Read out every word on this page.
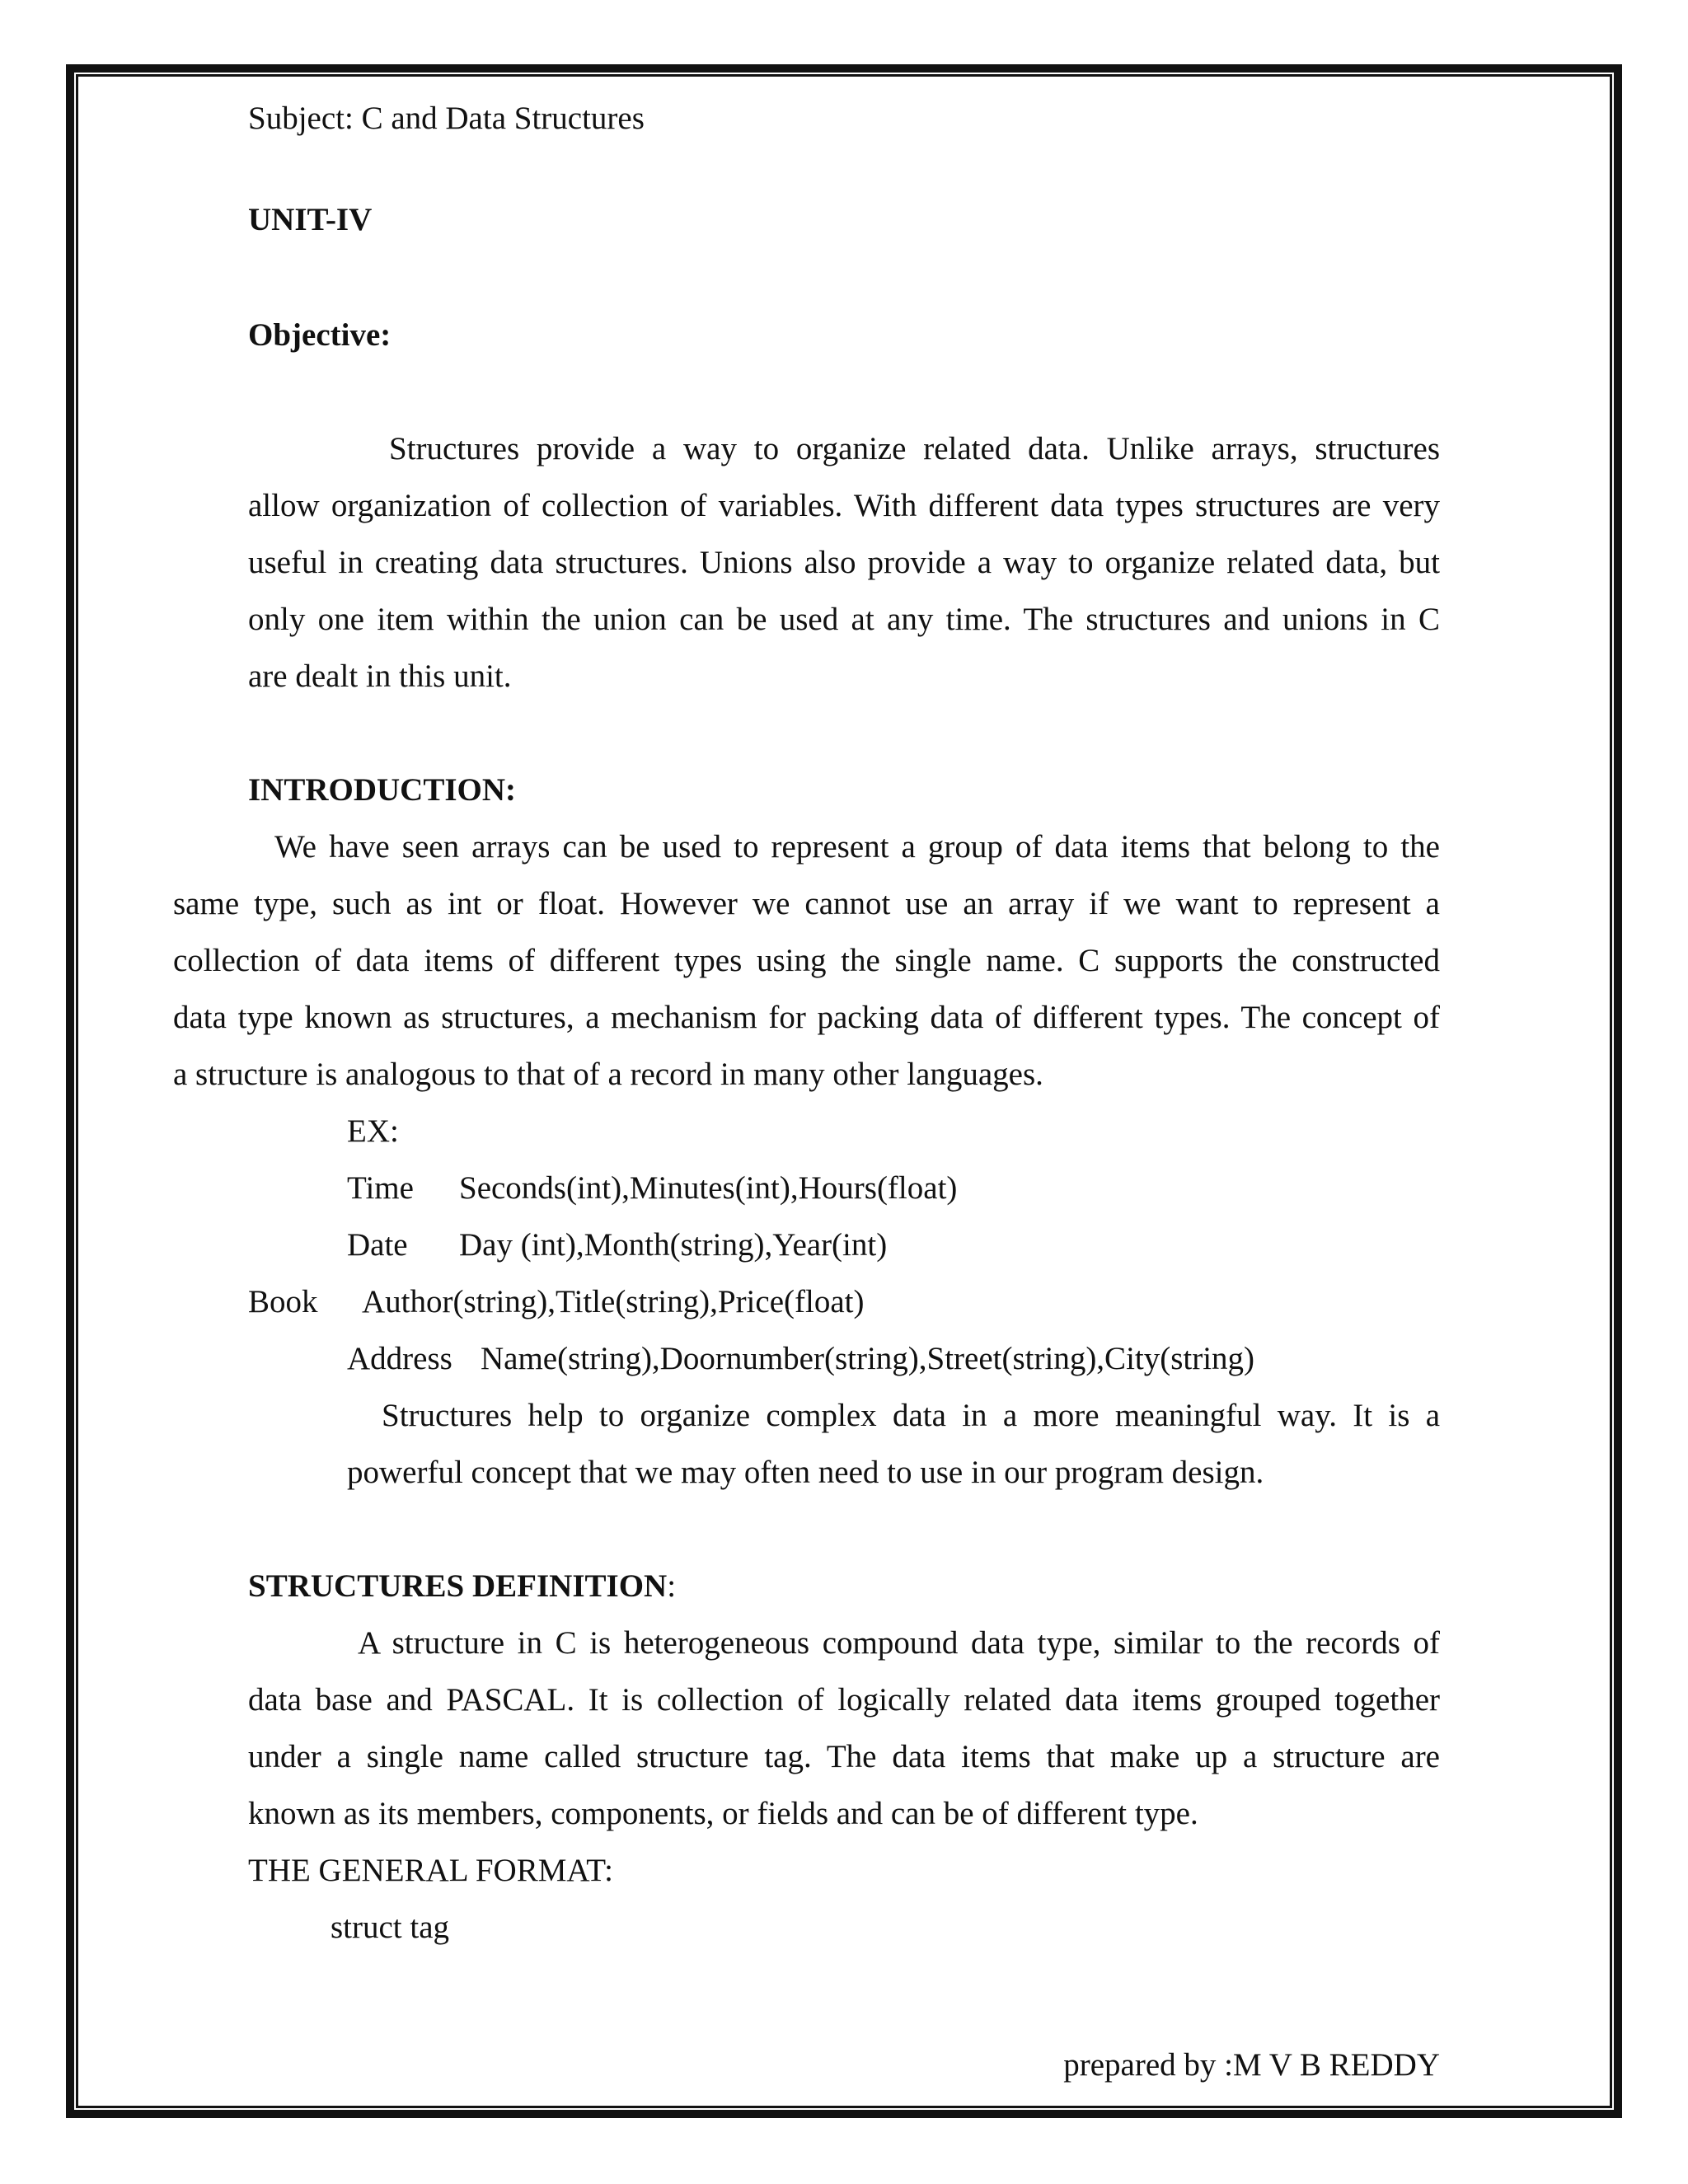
Subject: C and Data Structures
UNIT-IV
Objective:
Structures provide a way to organize related data. Unlike arrays, structures
allow organization of collection of variables. With different data types structures are very
useful in creating data structures. Unions also provide a way to organize related data, but
only one item within the union can be used at any time. The structures and unions in C
are dealt in this unit.
INTRODUCTION:
We have seen arrays can be used to represent a group of data items that belong to the
same type, such as int or float. However we cannot use an array if we want to represent a
collection of data items of different types using the single name. C supports the constructed
data type known as structures, a mechanism for packing data of different types. The concept of
a structure is analogous to that of a record in many other languages.
EX:
Time Seconds(int),Minutes(int),Hours(float)
Date Day (int),Month(string),Year(int)
Book Author(string),Title(string),Price(float)
Address Name(string),Doornumber(string),Street(string),City(string)
Structures help to organize complex data in a more meaningful way. It is a
powerful concept that we may often need to use in our program design.
STRUCTURES DEFINITION:
A structure in C is heterogeneous compound data type, similar to the records of
data base and PASCAL. It is collection of logically related data items grouped together
under a single name called structure tag. The data items that make up a structure are
known as its members, components, or fields and can be of different type.
THE GENERAL FORMAT:
struct tag
prepared by :M V B REDDY
